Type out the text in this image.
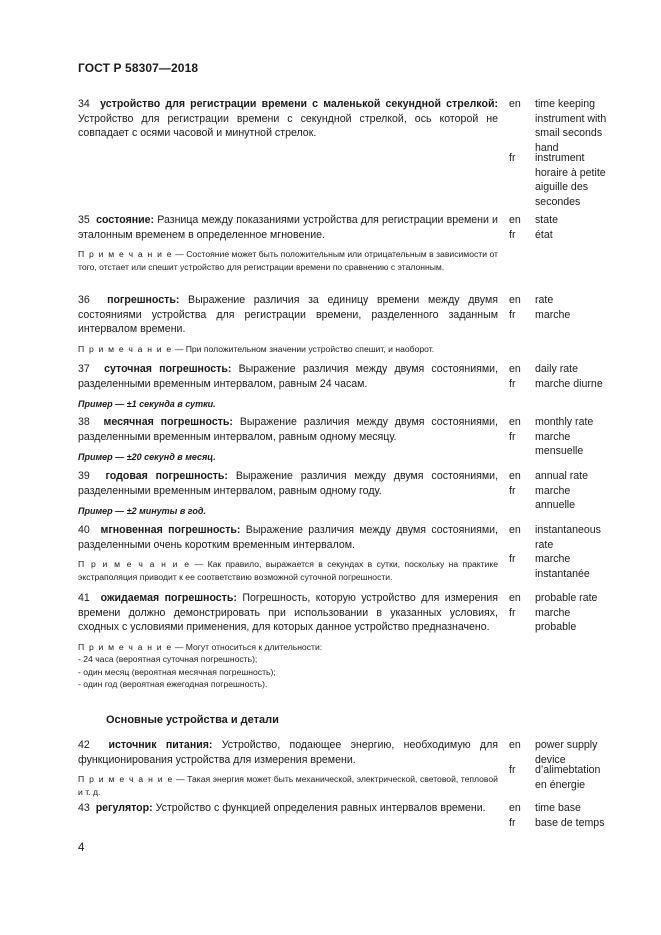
ГОСТ Р 58307—2018
34 устройство для регистрации времени с маленькой секундной стрелкой: Устройство для регистрации времени с секундной стрелкой, ось которой не совпадает с осями часовой и минутной стрелок.
en	time keeping instrument with smail seconds hand
fr	instrument horaire à petite aiguille des secondes
35 состояние: Разница между показаниями устройства для регистрации времени и эталонным временем в определенное мгновение.
П р и м е ч а н и е — Состояние может быть положительным или отрицательным в зависимости от того, отстает или спешит устройство для регистрации времени по сравнению с эталонным.
en	state
fr	état
36 погрешность: Выражение различия за единицу времени между двумя состояниями устройства для регистрации времени, разделенного заданным интервалом времени.
П р и м е ч а н и е — При положительном значении устройство спешит, и наоборот.
en	rate
fr	marche
37 суточная погрешность: Выражение различия между двумя состояниями, разделенными временным интервалом, равным 24 часам.
Пример — ±1 секунда в сутки.
en	daily rate
fr	marche diurne
38 месячная погрешность: Выражение различия между двумя состояниями, разделенными временным интервалом, равным одному месяцу.
Пример — ±20 секунд в месяц.
en	monthly rate
fr	marche mensuelle
39 годовая погрешность: Выражение различия между двумя состояниями, разделенными временным интервалом, равным одному году.
Пример — ±2 минуты в год.
en	annual rate
fr	marche annuelle
40 мгновенная погрешность: Выражение различия между двумя состояниями, разделенными очень коротким временным интервалом.
П р и м е ч а н и е — Как правило, выражается в секундах в сутки, поскольку на практике экстраполяция приводит к ее соответствию возможной суточной погрешности.
en	instantaneous rate
fr	marche instantanée
41 ожидаемая погрешность: Погрешность, которую устройство для измерения времени должно демонстрировать при использовании в указанных условиях, сходных с условиями применения, для которых данное устройство предназначено.
П р и м е ч а н и е — Могут относиться к длительности:
- 24 часа (вероятная суточная погрешность);
- один месяц (вероятная месячная погрешность);
- один год (вероятная ежегодная погрешность).
en	probable rate
fr	marche probable
Основные устройства и детали
42 источник питания: Устройство, подающее энергию, необходимую для функционирования устройства для измерения времени.
П р и м е ч а н и е — Такая энергия может быть механической, электрической, световой, тепловой и т. д.
en	power supply device
fr	d’alimebtation en énergie
43 регулятор: Устройство с функцией определения равных интервалов времени.	en	time base
fr	base de temps
4
